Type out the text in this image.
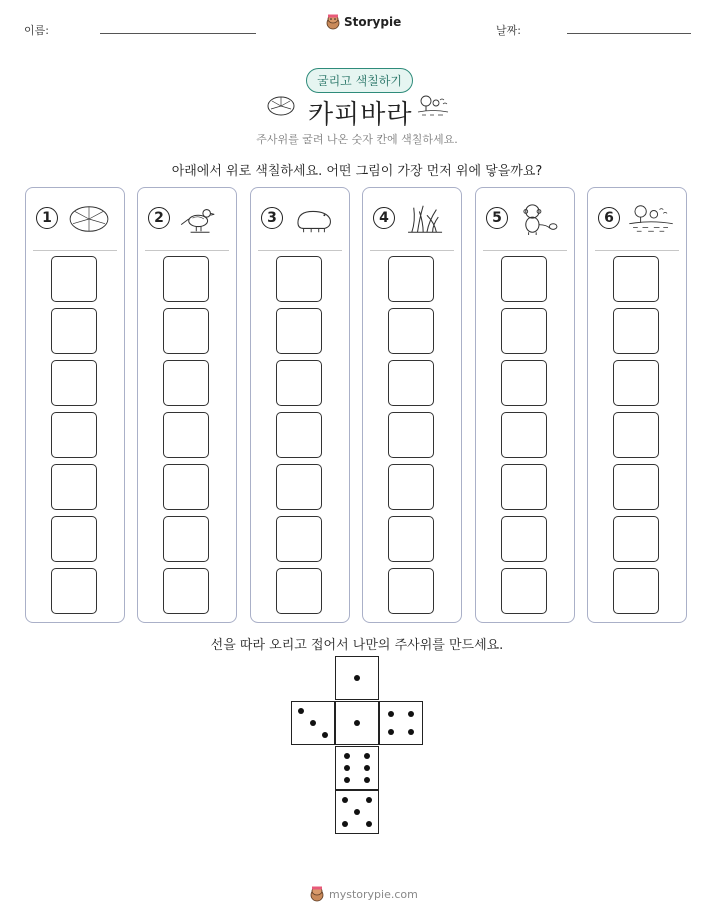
이름:
Storypie
날짜:
굴리고 색칠하기
카피바라
주사위를 굴려 나온 숫자 칸에 색칠하세요.
아래에서 위로 색칠하세요. 어떤 그림이 가장 먼저 위에 닿을까요?
1	2	3	4	5	6
선을 따라 오리고 접어서 나만의 주사위를 만드세요.
mystorypie.com
